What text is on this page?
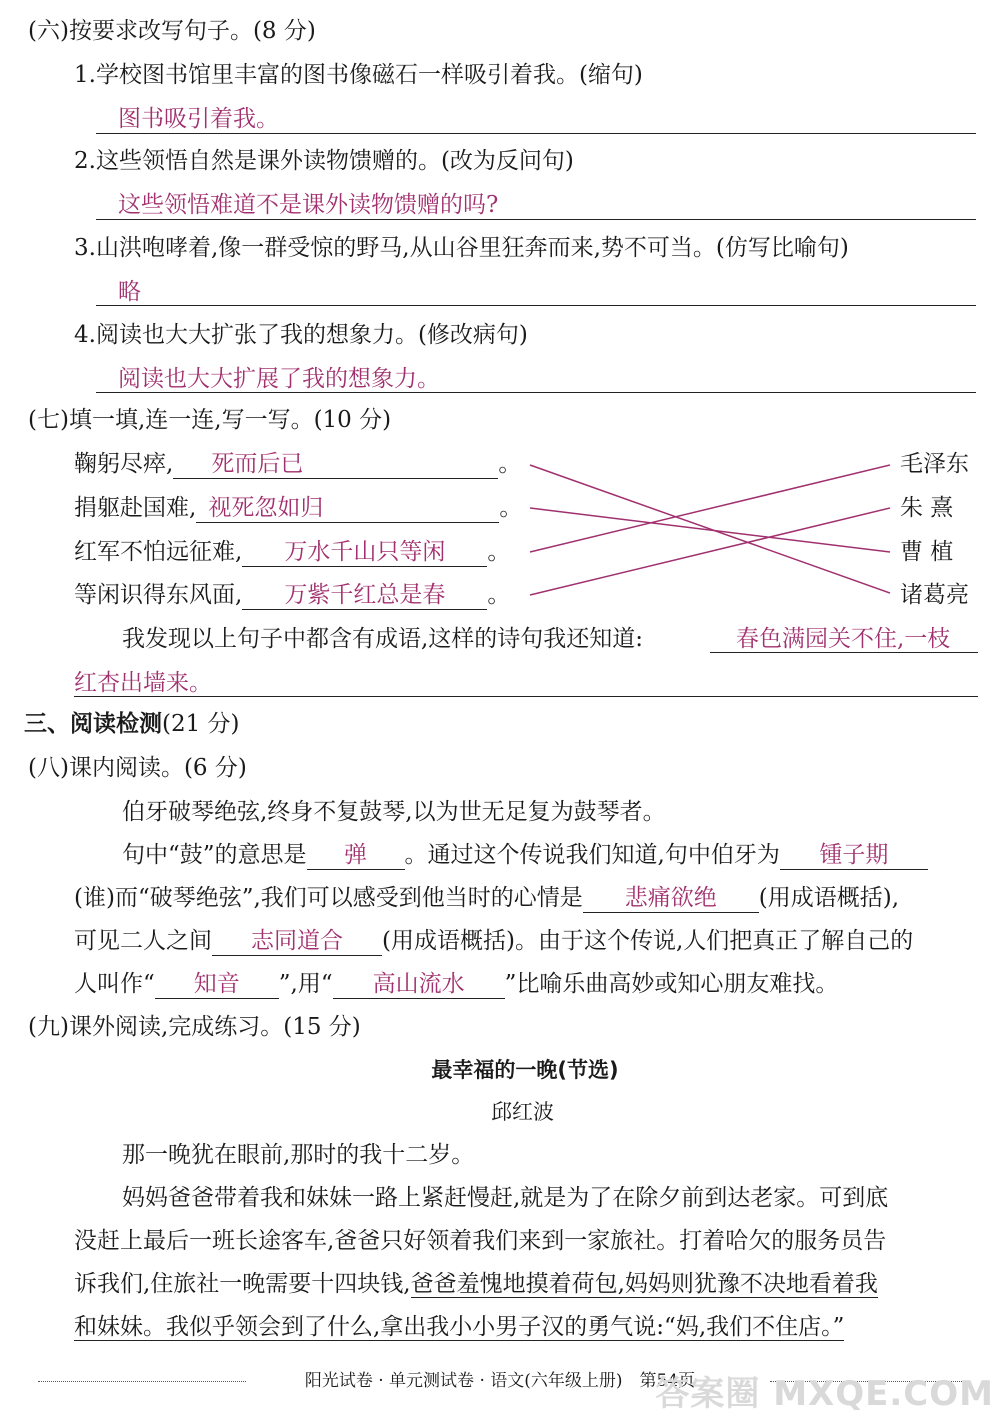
(六)按要求改写句子。(8 分)
1.学校图书馆里丰富的图书像磁石一样吸引着我。(缩句)
图书吸引着我。
2.这些领悟自然是课外读物馈赠的。(改为反问句)
这些领悟难道不是课外读物馈赠的吗?
3.山洪咆哮着,像一群受惊的野马,从山谷里狂奔而来,势不可当。(仿写比喻句)
略
4.阅读也大大扩张了我的想象力。(修改病句)
阅读也大大扩展了我的想象力。
(七)填一填,连一连,写一写。(10 分)
鞠躬尽瘁, 死而后已	。
捐躯赴国难, 视死忽如归	。
红军不怕远征难, 万水千山只等闲 。
等闲识得东风面, 万紫千红总是春 。
毛泽东
朱 熹
曹 植
诸葛亮
我发现以上句子中都含有成语,这样的诗句我还知道:	春色满园关不住,一枝
红杏出墙来。
三、阅读检测(21 分)
(八)课内阅读。(6 分)
伯牙破琴绝弦,终身不复鼓琴,以为世无足复为鼓琴者。
句中“鼓”的意思是 弹 。通过这个传说我们知道,句中伯牙为 锺子期
(谁)而“破琴绝弦”,我们可以感受到他当时的心情是 悲痛欲绝 (用成语概括),
可见二人之间 志同道合 (用成语概括)。由于这个传说,人们把真正了解自己的
人叫作“ 知音 ”,用“ 高山流水 ”比喻乐曲高妙或知心朋友难找。
(九)课外阅读,完成练习。(15 分)
最幸福的一晚(节选)
邱红波
那一晚犹在眼前,那时的我十二岁。
妈妈爸爸带着我和妹妹一路上紧赶慢赶,就是为了在除夕前到达老家。可到底
没赶上最后一班长途客车,爸爸只好领着我们来到一家旅社。打着哈欠的服务员告
诉我们,住旅社一晚需要十四块钱,爸爸羞愧地摸着荷包,妈妈则犹豫不决地看着我
和妹妹。我似乎领会到了什么,拿出我小小男子汉的勇气说:“妈,我们不住店。”
阳光试卷 · 单元测试卷 · 语文(六年级上册)　第54页
答案圈 MXQE.COM
